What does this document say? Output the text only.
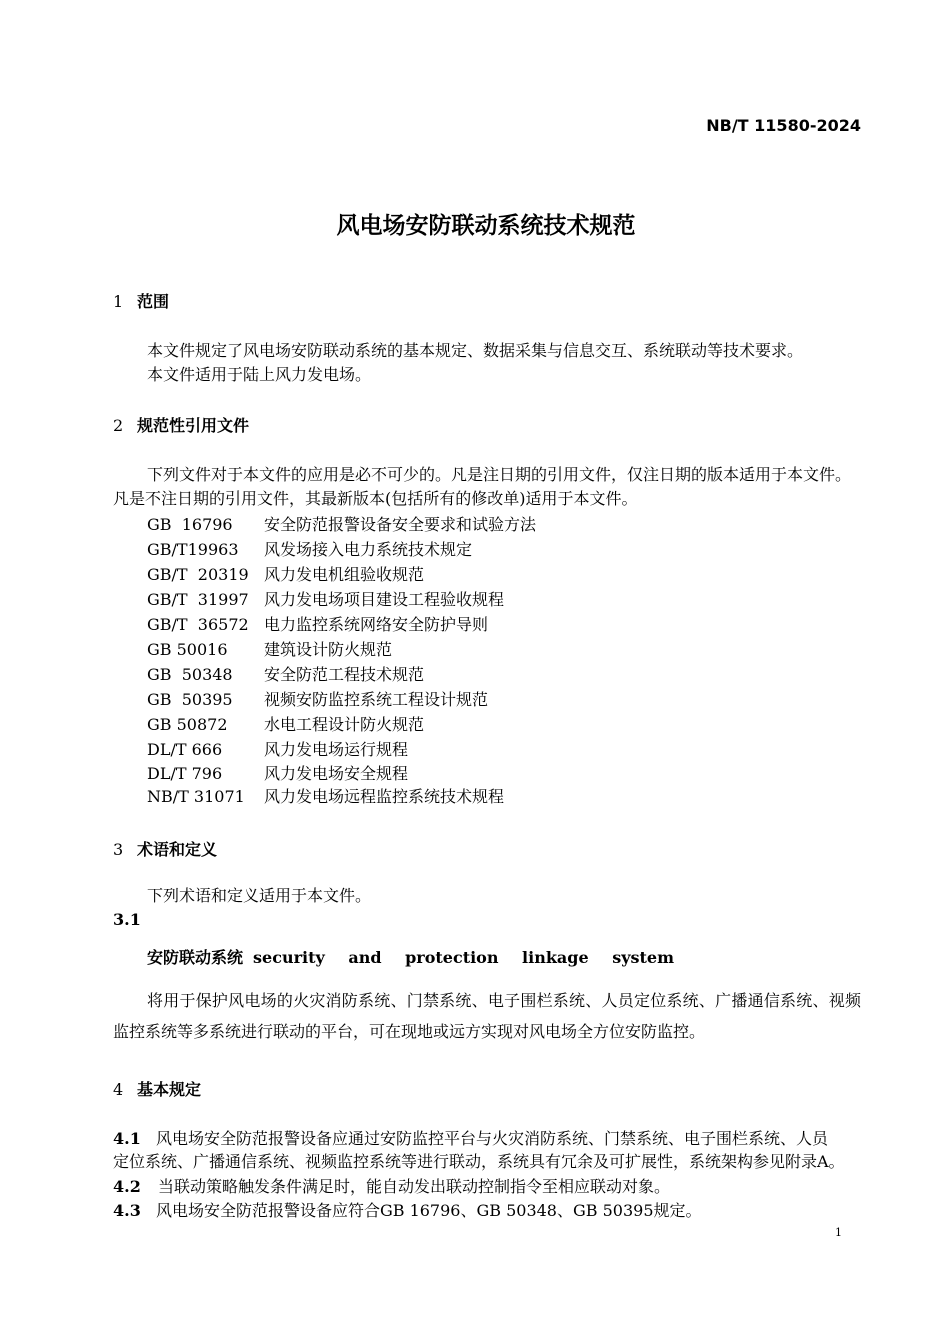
NB/T 11580-2024
风电场安防联动系统技术规范
1 范围
本文件规定了风电场安防联动系统的基本规定、数据采集与信息交互、系统联动等技术要求。
本文件适用于陆上风力发电场。
2 规范性引用文件
下列文件对于本文件的应用是必不可少的。凡是注日期的引用文件，仅注日期的版本适用于本文件。
凡是不注日期的引用文件，其最新版本(包括所有的修改单)适用于本文件。
GB  16796 安全防范报警设备安全要求和试验方法
GB/T19963 风发场接入电力系统技术规定
GB/T  20319 风力发电机组验收规范
GB/T  31997 风力发电场项目建设工程验收规程
GB/T  36572 电力监控系统网络安全防护导则
GB 50016 建筑设计防火规范
GB  50348 安全防范工程技术规范
GB  50395 视频安防监控系统工程设计规范
GB 50872 水电工程设计防火规范
DL/T 666	风力发电场运行规程
DL/T 796	风力发电场安全规程
NB/T 31071 风力发电场远程监控系统技术规程
3 术语和定义
下列术语和定义适用于本文件。
3.1
安防联动系统 security and protection linkage system
将用于保护风电场的火灾消防系统、门禁系统、电子围栏系统、人员定位系统、广播通信系统、视频监控系统等多系统进行联动的平台，可在现地或远方实现对风电场全方位安防监控。
4 基本规定
4.1 风电场安全防范报警设备应通过安防监控平台与火灾消防系统、门禁系统、电子围栏系统、人员
定位系统、广播通信系统、视频监控系统等进行联动，系统具有冗余及可扩展性，系统架构参见附录A。
4.2 当联动策略触发条件满足时，能自动发出联动控制指令至相应联动对象。
4.3 风电场安全防范报警设备应符合GB 16796、GB 50348、GB 50395规定。
1
